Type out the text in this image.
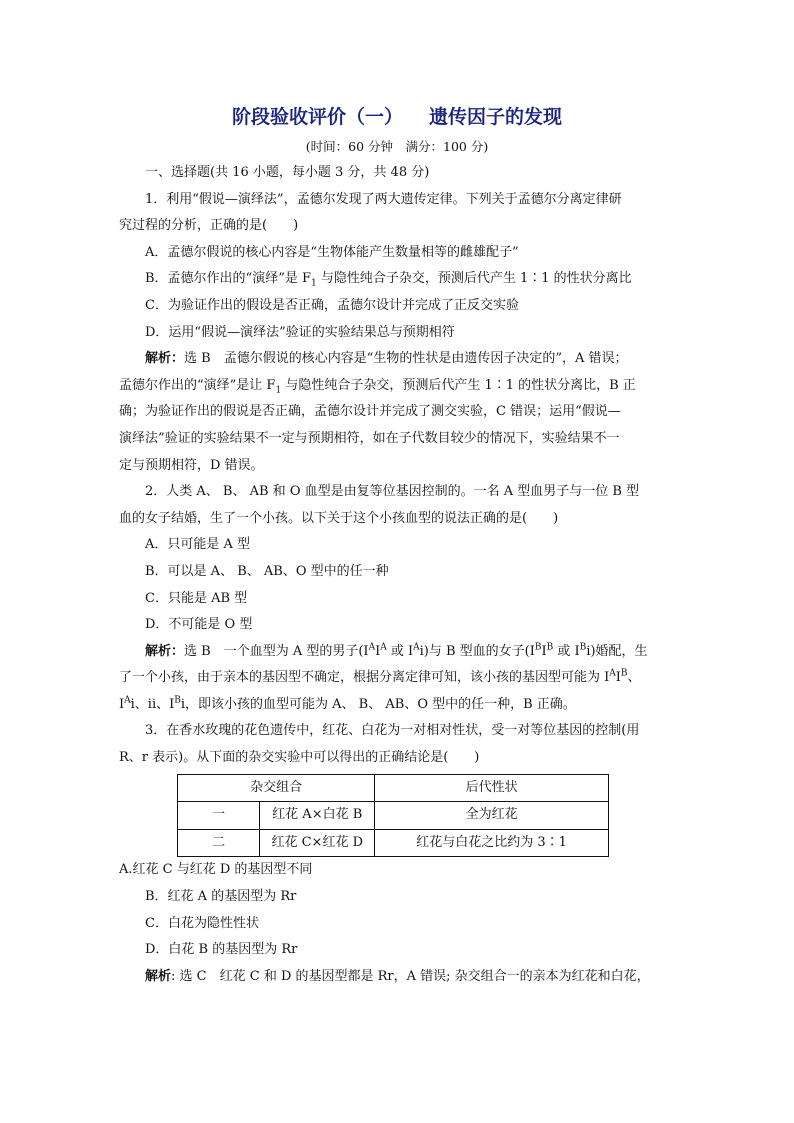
阶段验收评价（一） 遗传因子的发现

(时间：60 分钟　满分：100 分)

一、选择题(共 16 小题，每小题 3 分，共 48 分)

1．利用“假说—演绎法”，孟德尔发现了两大遗传定律。下列关于孟德尔分离定律研

究过程的分析，正确的是(　　)

A．孟德尔假说的核心内容是“生物体能产生数量相等的雌雄配子”

B．孟德尔作出的“演绎”是 $F_1$ 与隐性纯合子杂交，预测后代产生 1∶1 的性状分离比

C．为验证作出的假设是否正确，孟德尔设计并完成了正反交实验

D．运用“假说—演绎法”验证的实验结果总与预期相符

解析：选 B　孟德尔假说的核心内容是“生物的性状是由遗传因子决定的”，A 错误；

孟德尔作出的“演绎”是让 $F_1$ 与隐性纯合子杂交，预测后代产生 1∶1 的性状分离比，B 正

确；为验证作出的假说是否正确，孟德尔设计并完成了测交实验，C 错误；运用“假说—

演绎法”验证的实验结果不一定与预期相符，如在子代数目较少的情况下，实验结果不一

定与预期相符，D 错误。

2．人类 A、 B、 AB 和 O 血型是由复等位基因控制的。一名 A 型血男子与一位 B 型

血的女子结婚，生了一个小孩。以下关于这个小孩血型的说法正确的是(　　)

A．只可能是 A 型

B．可以是 A、 B、 AB、O 型中的任一种

C．只能是 AB 型

D．不可能是 O 型

解析：选 B　一个血型为 A 型的男子($I^AI^A$ 或 $I^Ai$)与 B 型血的女子($I^BI^B$ 或 $I^Bi$)婚配，生

了一个小孩，由于亲本的基因型不确定，根据分离定律可知，该小孩的基因型可能为 $I^AI^B$、

$I^Ai$、ii、$I^Bi$，即该小孩的血型可能为 A、 B、 AB、O 型中的任一种，B 正确。

3．在香水玫瑰的花色遗传中，红花、白花为一对相对性状，受一对等位基因的控制(用

R、r 表示)。从下面的杂交实验中可以得出的正确结论是(　　)

杂交组合		后代性状
一	红花 A×白花 B	全为红花
二	红花 C×红花 D	红花与白花之比约为 3∶1

A.红花 C 与红花 D 的基因型不同

B．红花 A 的基因型为 Rr

C．白花为隐性性状

D．白花 B 的基因型为 Rr

解析: 选 C　红花 C 和 D 的基因型都是 Rr，A 错误; 杂交组合一的亲本为红花和白花，
